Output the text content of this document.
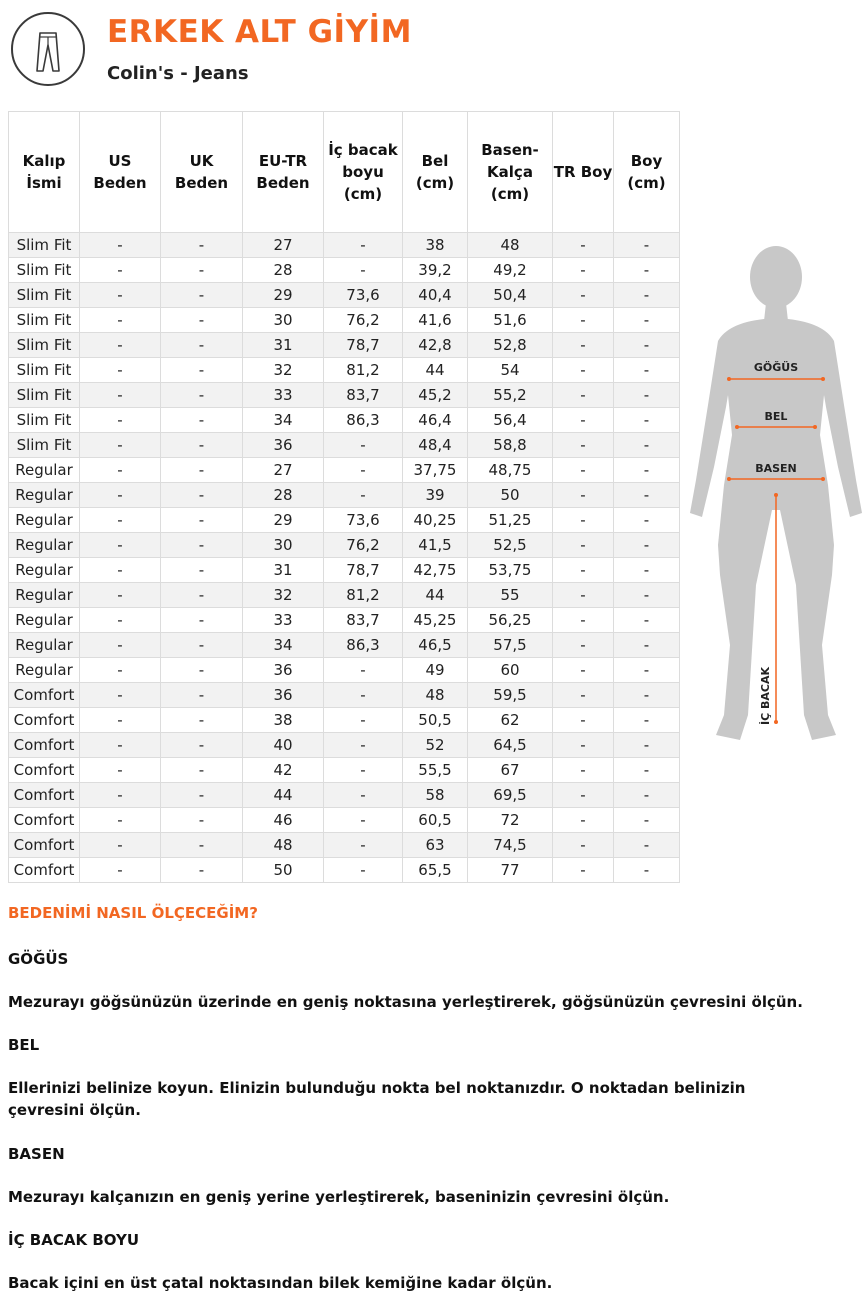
ERKEK ALT GİYİM
Colin's - Jeans
Kalıp İsmi	US Beden	UK Beden	EU-TR Beden	İç bacak boyu (cm)	Bel (cm)	Basen-Kalça (cm)	TR Boy	Boy (cm)
Slim Fit	-	-	27	-	38	48	-	-
Slim Fit	-	-	28	-	39,2	49,2	-	-
Slim Fit	-	-	29	73,6	40,4	50,4	-	-
Slim Fit	-	-	30	76,2	41,6	51,6	-	-
Slim Fit	-	-	31	78,7	42,8	52,8	-	-
Slim Fit	-	-	32	81,2	44	54	-	-
Slim Fit	-	-	33	83,7	45,2	55,2	-	-
Slim Fit	-	-	34	86,3	46,4	56,4	-	-
Slim Fit	-	-	36	-	48,4	58,8	-	-
Regular	-	-	27	-	37,75	48,75	-	-
Regular	-	-	28	-	39	50	-	-
Regular	-	-	29	73,6	40,25	51,25	-	-
Regular	-	-	30	76,2	41,5	52,5	-	-
Regular	-	-	31	78,7	42,75	53,75	-	-
Regular	-	-	32	81,2	44	55	-	-
Regular	-	-	33	83,7	45,25	56,25	-	-
Regular	-	-	34	86,3	46,5	57,5	-	-
Regular	-	-	36	-	49	60	-	-
Comfort	-	-	36	-	48	59,5	-	-
Comfort	-	-	38	-	50,5	62	-	-
Comfort	-	-	40	-	52	64,5	-	-
Comfort	-	-	42	-	55,5	67	-	-
Comfort	-	-	44	-	58	69,5	-	-
Comfort	-	-	46	-	60,5	72	-	-
Comfort	-	-	48	-	63	74,5	-	-
Comfort	-	-	50	-	65,5	77	-	-
GÖĞÜS
BEL
BASEN
İÇ BACAK
BEDENİMİ NASIL ÖLÇECEĞİM?
GÖĞÜS
Mezurayı göğsünüzün üzerinde en geniş noktasına yerleştirerek, göğsünüzün çevresini ölçün.
BEL
Ellerinizi belinize koyun. Elinizin bulunduğu nokta bel noktanızdır. O noktadan belinizin çevresini ölçün.
BASEN
Mezurayı kalçanızın en geniş yerine yerleştirerek, baseninizin çevresini ölçün.
İÇ BACAK BOYU
Bacak içini en üst çatal noktasından bilek kemiğine kadar ölçün.
